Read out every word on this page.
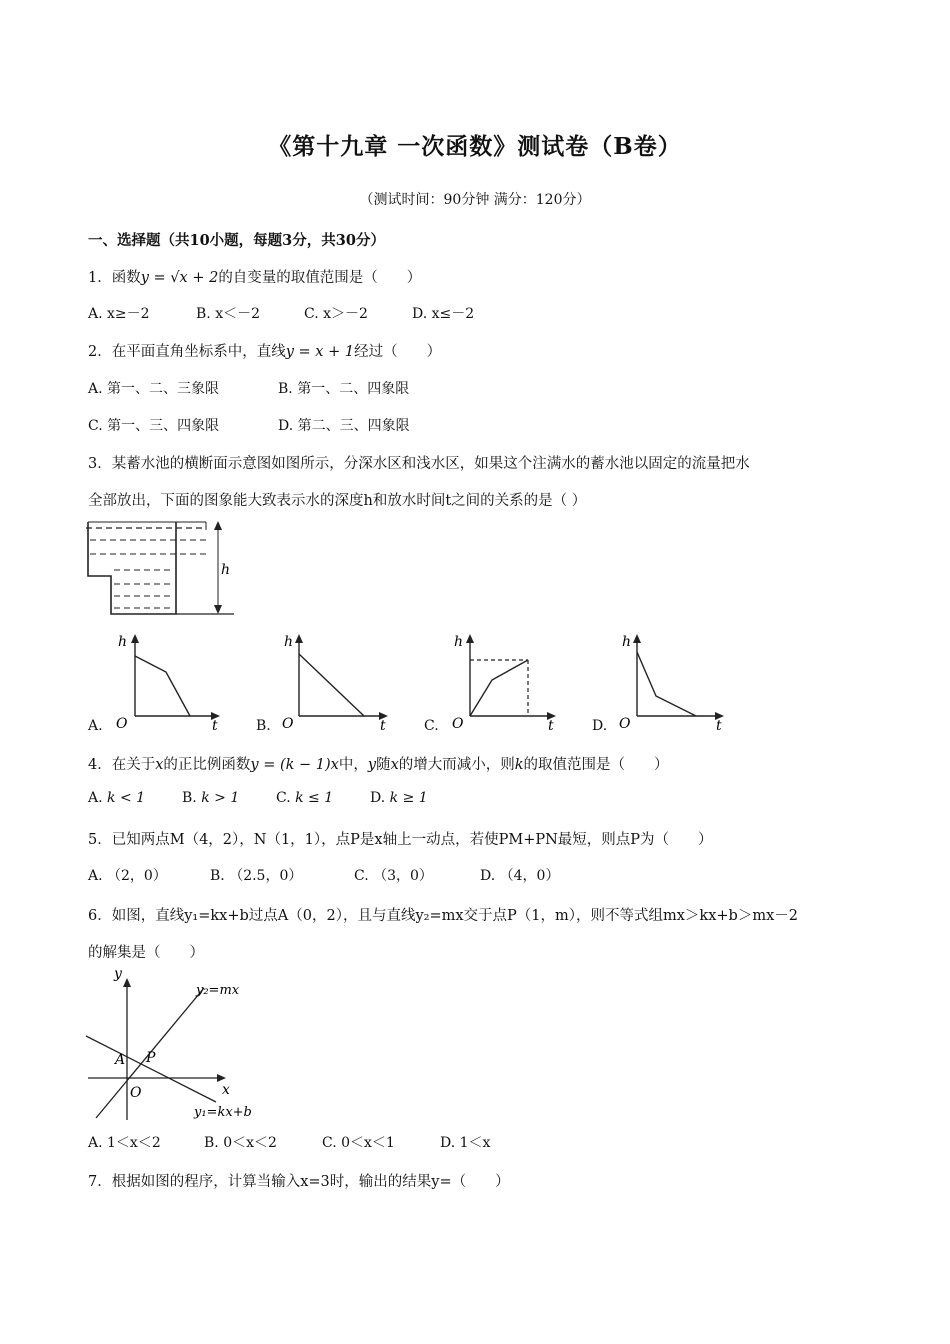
《第十九章 一次函数》测试卷（B卷）
（测试时间：90分钟 满分：120分）
一、选择题（共10小题，每题3分，共30分）
1．函数y = √x + 2的自变量的取值范围是（　　）
A. x≥－2	B. x＜－2	C. x＞－2	D. x≤－2
2．在平面直角坐标系中，直线y = x + 1经过（　　）
A. 第一、二、三象限	B. 第一、二、四象限
C. 第一、三、四象限	D. 第二、三、四象限
3．某蓄水池的横断面示意图如图所示，分深水区和浅水区，如果这个注满水的蓄水池以固定的流量把水
全部放出，下面的图象能大致表示水的深度h和放水时间t之间的关系的是（ ）
h
A.
h
O	t	B.
h
O	t	C.
h
O	t	D.
h
O	t
4．在关于x的正比例函数y = (k − 1)x中，y随x的增大而减小，则k的取值范围是（　　）
A. k < 1	B. k > 1	C. k ≤ 1	D. k ≥ 1
5．已知两点M（4，2），N（1，1），点P是x轴上一动点，若使PM+PN最短，则点P为（　　）
A. （2，0）	B. （2.5，0）	C. （3，0）	D. （4，0）
6．如图，直线y₁=kx+b过点A（0，2），且与直线y₂=mx交于点P（1，m），则不等式组mx＞kx+b＞mx－2
的解集是（　　）
y
x
O
A P
y₂=mx
y₁=kx+b
A. 1＜x＜2	B. 0＜x＜2	C. 0＜x＜1	D. 1＜x
7．根据如图的程序，计算当输入x=3时，输出的结果y=（　　）
